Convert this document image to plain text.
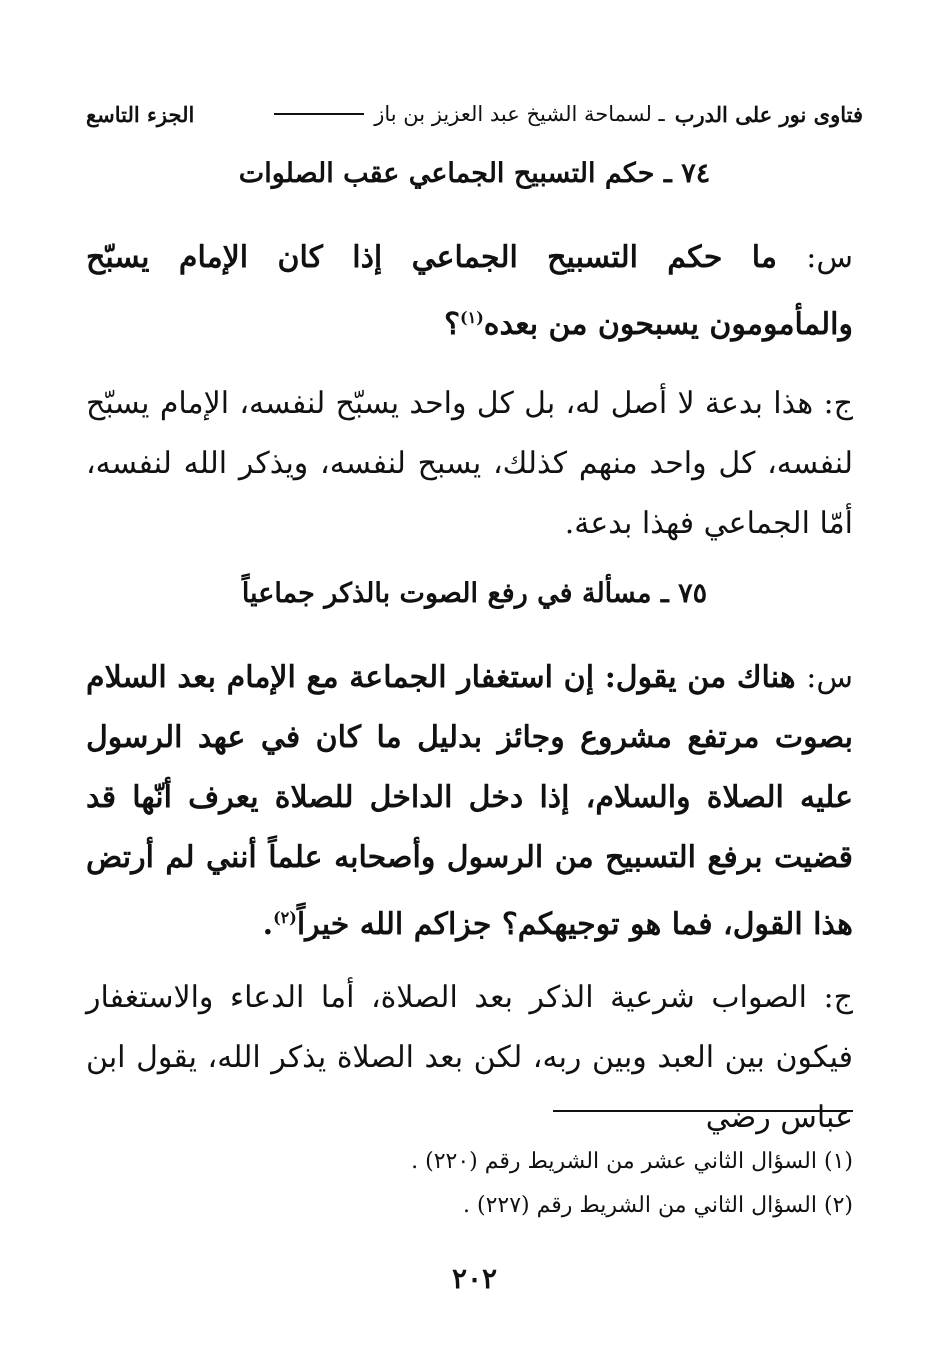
فتاوى نور على الدرب
ـ لسماحة الشيخ عبد العزيز بن باز
الجزء التاسع
٧٤ ـ حكم التسبيح الجماعي عقب الصلوات

س: ما حكم التسبيح الجماعي إذا كان الإمام يسبّح والمأمومون يسبحون من بعده$^{(١)}$؟

ج: هذا بدعة لا أصل له، بل كل واحد يسبّح لنفسه، الإمام يسبّح لنفسه، كل واحد منهم كذلك، يسبح لنفسه، ويذكر الله لنفسه، أمّا الجماعي فهذا بدعة.

٧٥ ـ مسألة في رفع الصوت بالذكر جماعياً

س: هناك من يقول: إن استغفار الجماعة مع الإمام بعد السلام بصوت مرتفع مشروع وجائز بدليل ما كان في عهد الرسول عليه الصلاة والسلام، إذا دخل الداخل للصلاة يعرف أنّها قد قضيت برفع التسبيح من الرسول وأصحابه علماً أنني لم أرتض هذا القول، فما هو توجيهكم؟ جزاكم الله خيراً$^{(٢)}$.

ج: الصواب شرعية الذكر بعد الصلاة، أما الدعاء والاستغفار فيكون بين العبد وبين ربه، لكن بعد الصلاة يذكر الله، يقول ابن عباس رضي

(١) السؤال الثاني عشر من الشريط رقم (٢٢٠) .
(٢) السؤال الثاني من الشريط رقم (٢٢٧) .
٢٠٢
